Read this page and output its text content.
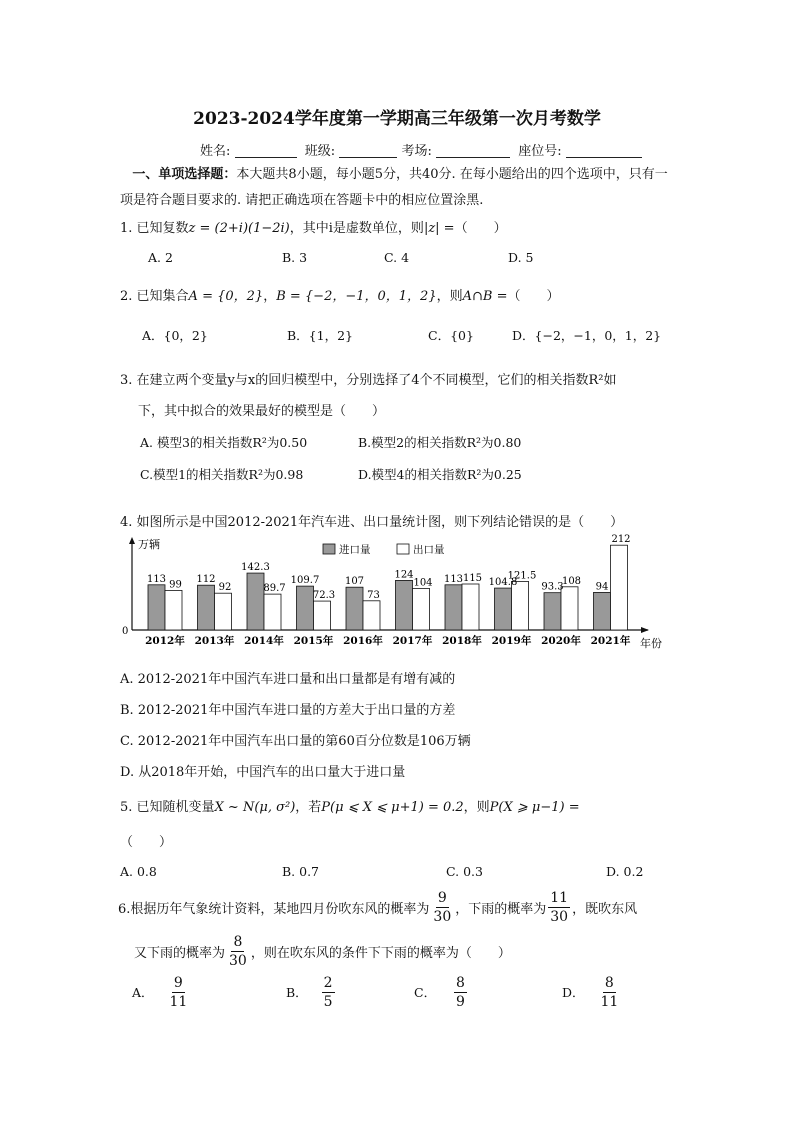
2023-2024学年度第一学期高三年级第一次月考数学
姓名:	班级:	考场:	座位号:
一、单项选择题：本大题共8小题，每小题5分，共40分. 在每小题给出的四个选项中，只有一项是符合题目要求的. 请把正确选项在答题卡中的相应位置涂黑.
1. 已知复数z = (2+i)(1−2i)，其中i是虚数单位，则|z| =（　　）
A. 2	B. 3	C. 4	D. 5
2. 已知集合A = {0，2}，B = {−2，−1，0，1，2}，则A∩B =（　　）
A．{0，2}	B．{1，2}	C．{0}	D．{−2，−1，0，1，2}
3. 在建立两个变量y与x的回归模型中，分别选择了4个不同模型，它们的相关指数R²如
下，其中拟合的效果最好的模型是（　　）
A. 模型3的相关指数R²为0.50	B.模型2的相关指数R²为0.80
C.模型1的相关指数R²为0.98	D.模型4的相关指数R²为0.25
4. 如图所示是中国2012-2021年汽车进、出口量统计图，则下列结论错误的是（　　）
万辆
年份
0
进口量	出口量
113
99
2012年
112
92
2013年
142.3
89.7
2014年
109.7
72.3
2015年
107
73
2016年
124
104
2017年
113 115
2018年
104.8
121.5
2019年
93.3
108
2020年
94
212
2021年
A. 2012-2021年中国汽车进口量和出口量都是有增有减的
B. 2012-2021年中国汽车进口量的方差大于出口量的方差
C. 2012-2021年中国汽车出口量的第60百分位数是106万辆
D. 从2018年开始，中国汽车的出口量大于进口量
5. 已知随机变量X ~ N(μ, σ²)，若P(μ ⩽ X ⩽ μ+1) = 0.2，则P(X ⩾ μ−1) =
（　　）
A. 0.8	B. 0.7	C. 0.3	D. 0.2
6.根据历年气象统计资料，某地四月份吹东风的概率为 $\frac{9}{30}$ ，下雨的概率为 $\frac{11}{30}$ ，既吹东风
又下雨的概率为 $\frac{8}{30}$ ，则在吹东风的条件下下雨的概率为（　　）
A．
$\frac{9}{11}$	B．
$\frac{2}{5}$	C．
$\frac{8}{9}$	D．
$\frac{8}{11}$
